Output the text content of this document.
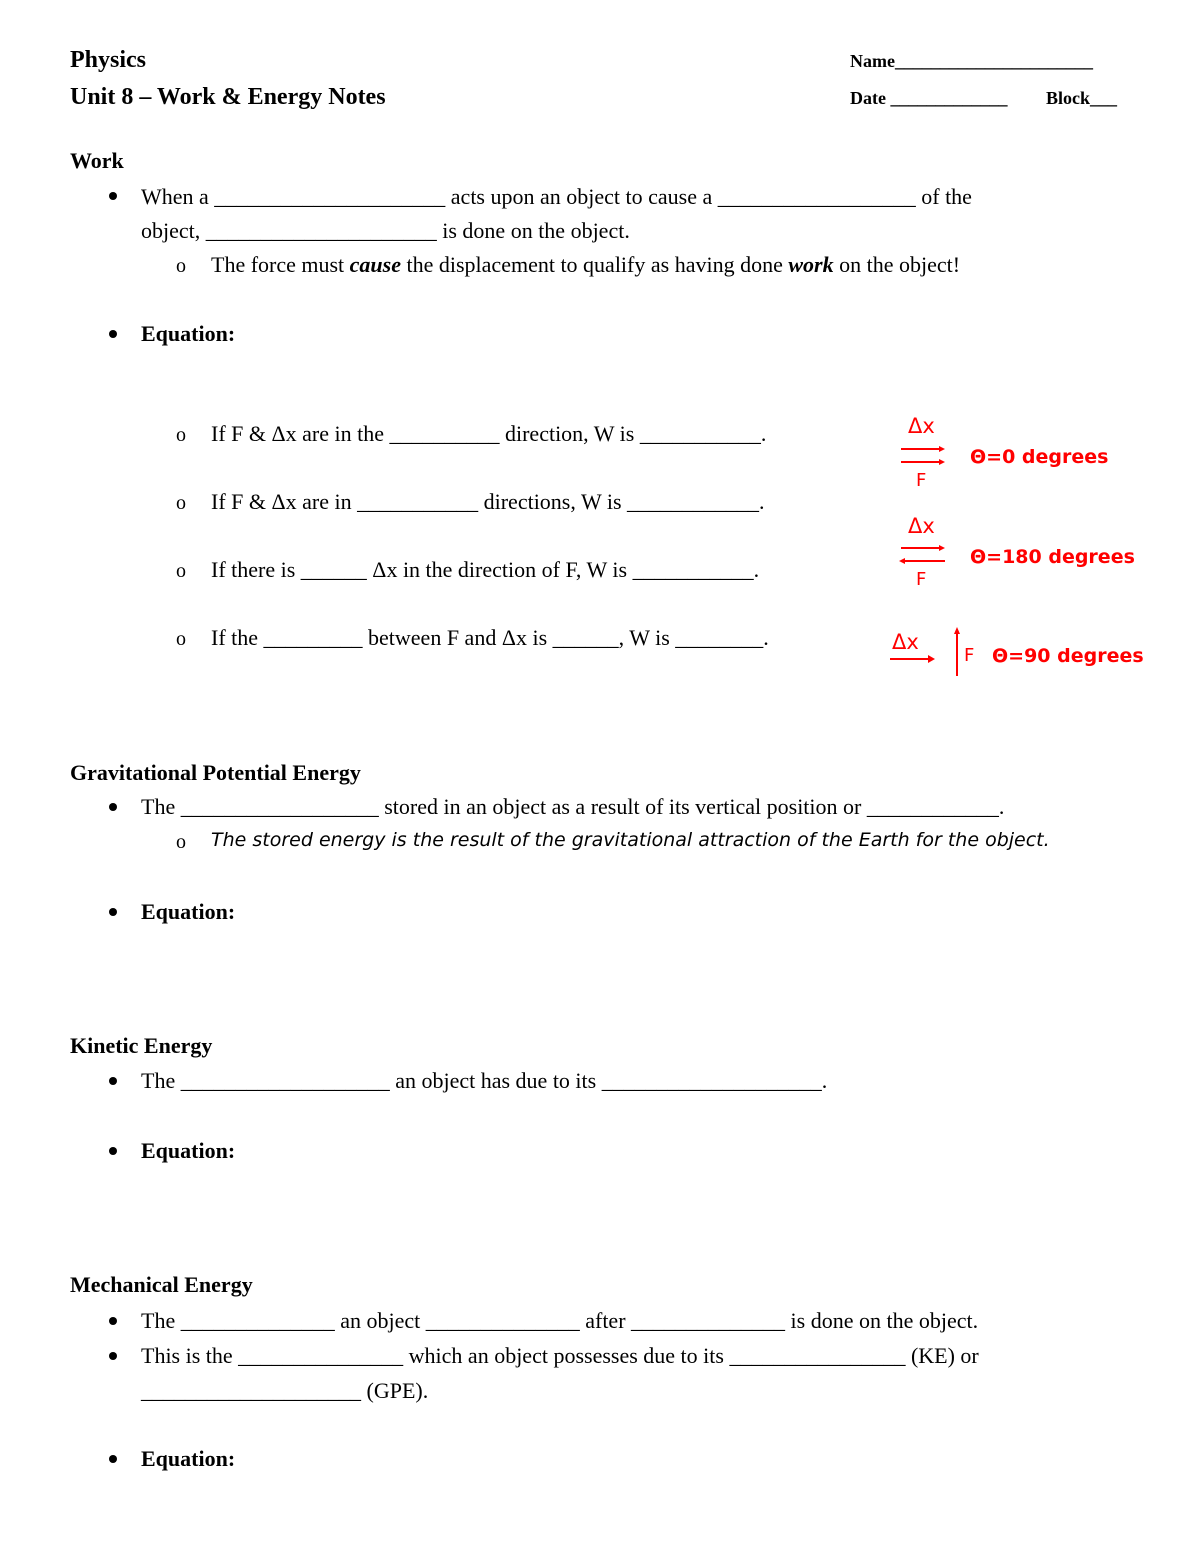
Physics
Unit 8 – Work & Energy Notes
Name______________________
Date _____________ Block___
Work
When a _____________________ acts upon an object to cause a __________________ of the
object, _____________________ is done on the object.
o The force must cause the displacement to qualify as having done work on the object!
Equation:
o If F & Δx are in the __________ direction, W is ___________.
o If F & Δx are in ___________ directions, W is ____________.
o If there is ______ Δx in the direction of F, W is ___________.
o If the _________ between F and Δx is ______, W is ________.
Δx
F
Θ=0 degrees
Δx
F
Θ=180 degrees
Δx
F Θ=90 degrees
Gravitational Potential Energy
The __________________ stored in an object as a result of its vertical position or ____________.
o The stored energy is the result of the gravitational attraction of the Earth for the object.
Equation:
Kinetic Energy
The ___________________ an object has due to its ____________________.
Equation:
Mechanical Energy
The ______________ an object ______________ after ______________ is done on the object.
This is the _______________ which an object possesses due to its ________________ (KE) or
____________________ (GPE).
Equation:
